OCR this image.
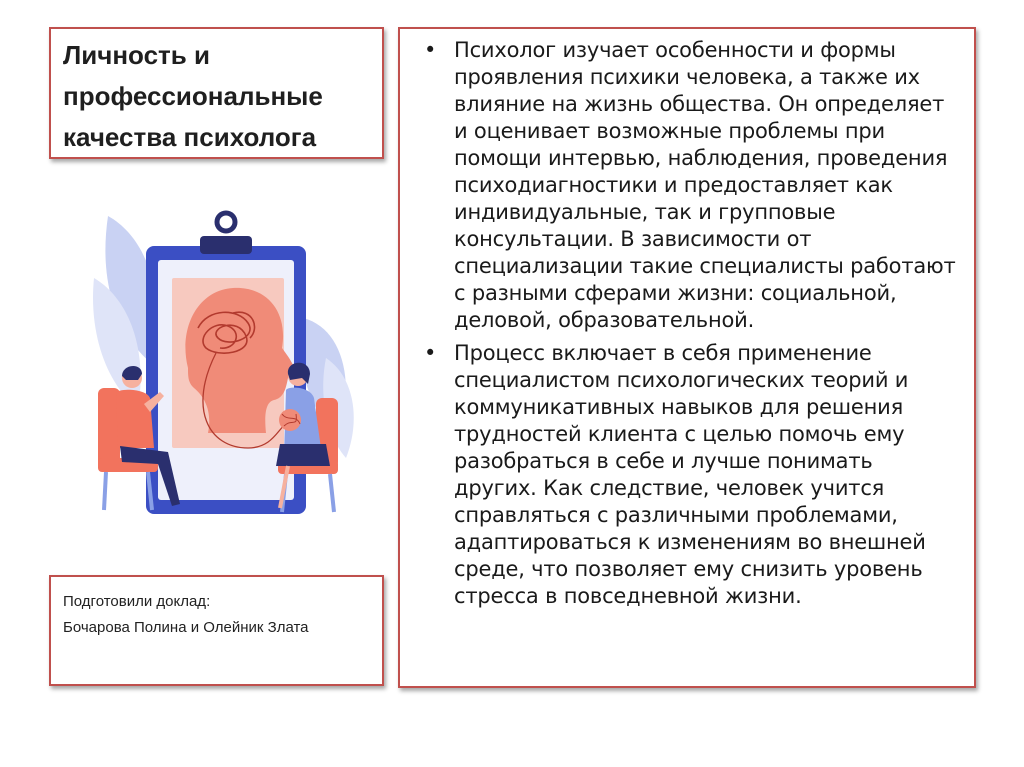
Личность и профессиональные качества психолога

Подготовили доклад:

Бочарова Полина и Олейник Злата

• Психолог изучает особенности и формы проявления психики человека, а также их влияние на жизнь общества. Он определяет и оценивает возможные проблемы при помощи интервью, наблюдения, проведения психодиагностики и предоставляет как индивидуальные, так и групповые консультации. В зависимости от специализации такие специалисты работают с разными сферами жизни: социальной, деловой, образовательной.
• Процесс включает в себя применение специалистом психологических теорий и коммуникативных навыков для решения трудностей клиента с целью помочь ему разобраться в себе и лучше понимать других. Как следствие, человек учится справляться с различными проблемами, адаптироваться к изменениям во внешней среде, что позволяет ему снизить уровень стресса в повседневной жизни.
